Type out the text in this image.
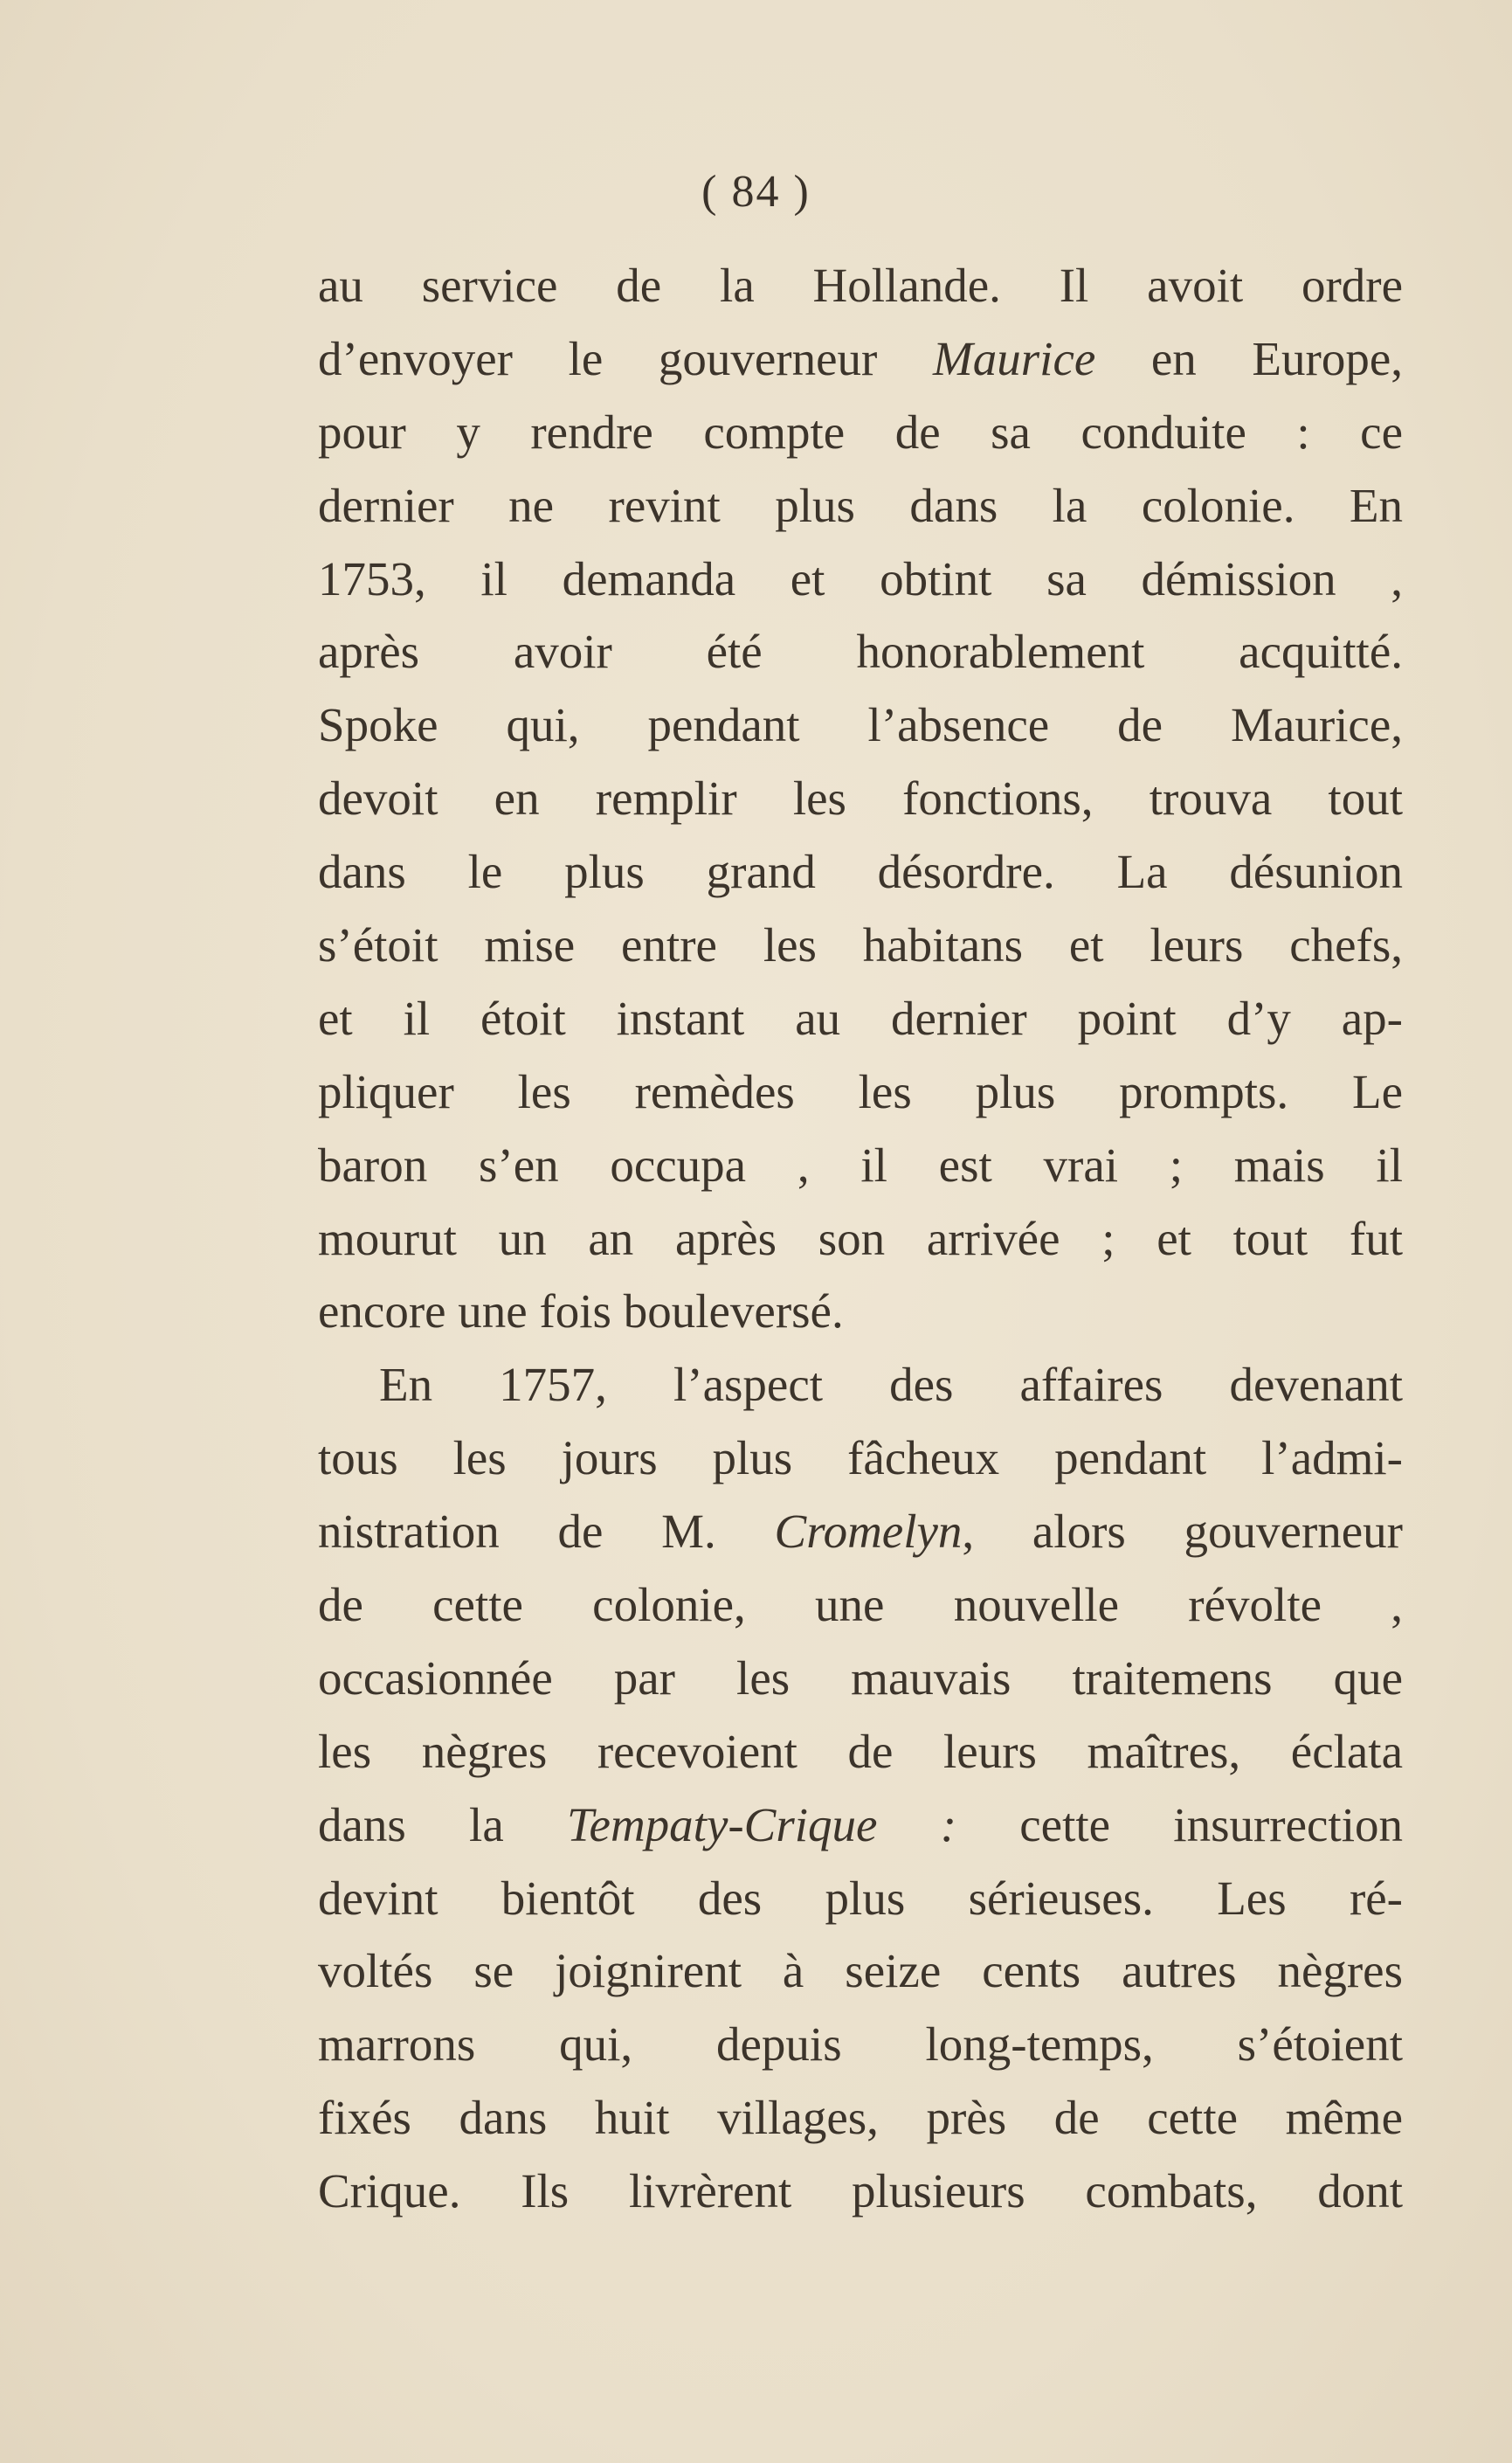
( 84 )
au service de la Hollande. Il avoit ordre
d’envoyer le gouverneur Maurice en Europe,
pour y rendre compte de sa conduite : ce
dernier ne revint plus dans la colonie. En
1753, il demanda et obtint sa démission ,
après avoir été honorablement acquitté.
Spoke qui, pendant l’absence de Maurice,
devoit en remplir les fonctions, trouva tout
dans le plus grand désordre. La désunion
s’étoit mise entre les habitans et leurs chefs,
et il étoit instant au dernier point d’y ap-
pliquer les remèdes les plus prompts. Le
baron s’en occupa , il est vrai ; mais il
mourut un an après son arrivée ; et tout fut
encore une fois bouleversé.
En 1757, l’aspect des affaires devenant
tous les jours plus fâcheux pendant l’admi-
nistration de M. Cromelyn, alors gouverneur
de cette colonie, une nouvelle révolte ,
occasionnée par les mauvais traitemens que
les nègres recevoient de leurs maîtres, éclata
dans la Tempaty-Crique : cette insurrection
devint bientôt des plus sérieuses. Les ré-
voltés se joignirent à seize cents autres nègres
marrons qui, depuis long-temps, s’étoient
fixés dans huit villages, près de cette même
Crique. Ils livrèrent plusieurs combats, dont
